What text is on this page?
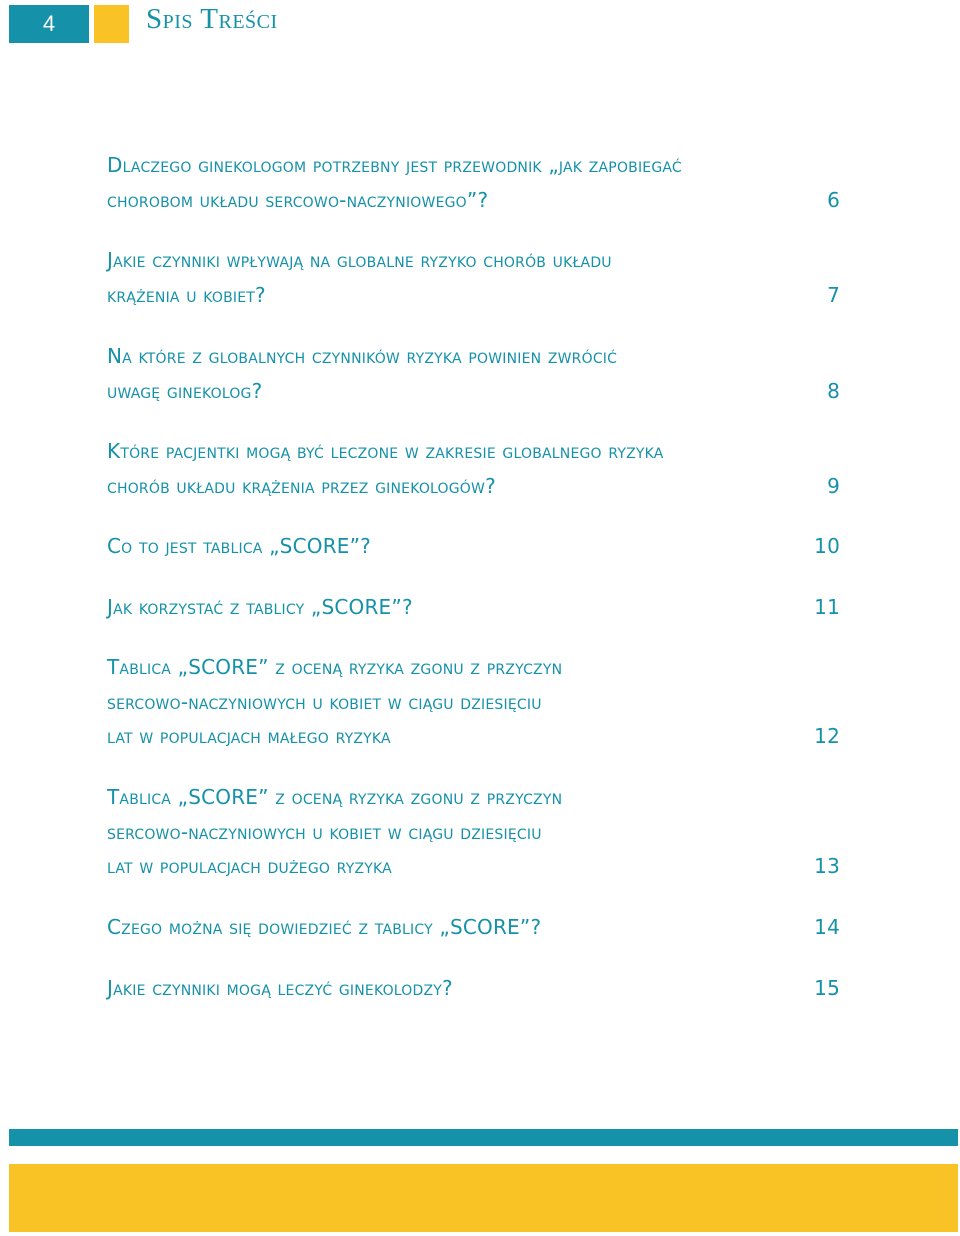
4	Spis Treści
Dlaczego ginekologom potrzebny jest przewodnik „jak zapobiegać
chorobom układu sercowo-naczyniowego”?	6
Jakie czynniki wpływają na globalne ryzyko chorób układu
krążenia u kobiet?	7
Na które z globalnych czynników ryzyka powinien zwrócić
uwagę ginekolog?	8
Które pacjentki mogą być leczone w zakresie globalnego ryzyka
chorób układu krążenia przez ginekologów?	9
Co to jest tablica „SCORE”?	10
Jak korzystać z tablicy „SCORE”?	11
Tablica „SCORE” z oceną ryzyka zgonu z przyczyn
sercowo-naczyniowych u kobiet w ciągu dziesięciu
lat w populacjach małego ryzyka	12
Tablica „SCORE” z oceną ryzyka zgonu z przyczyn
sercowo-naczyniowych u kobiet w ciągu dziesięciu
lat w populacjach dużego ryzyka	13
Czego można się dowiedzieć z tablicy „SCORE”?	14
Jakie czynniki mogą leczyć ginekolodzy?	15
